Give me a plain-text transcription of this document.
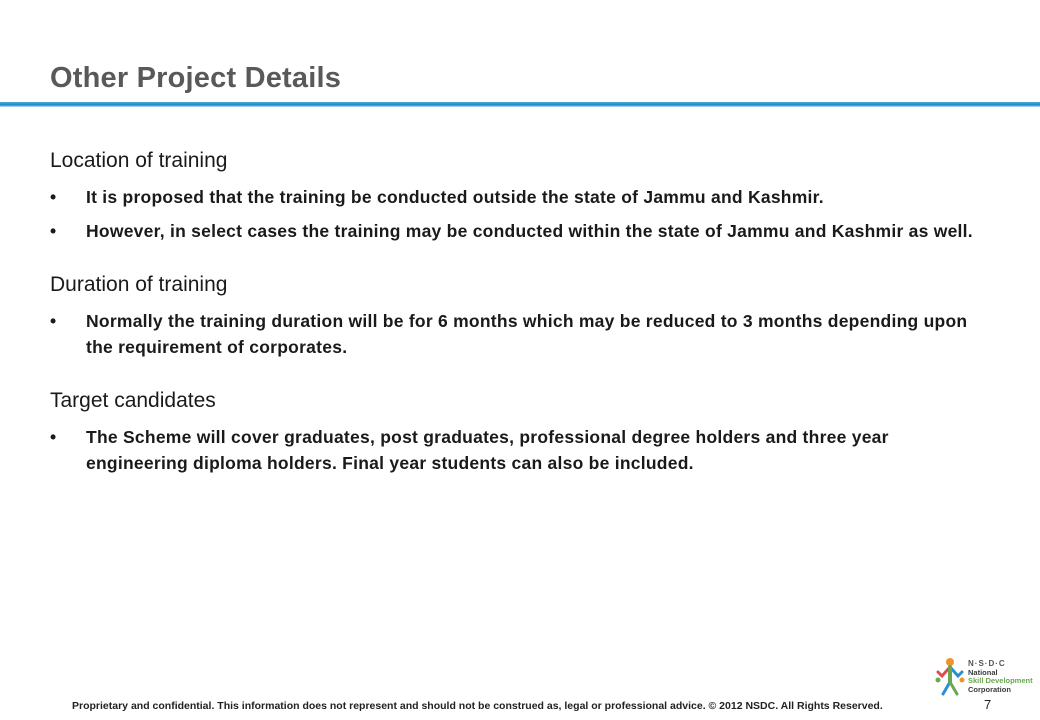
Other Project Details
Location of training
• It is proposed that the training be conducted outside the state of Jammu and Kashmir.
• However, in select cases the training may be conducted within the state of Jammu and Kashmir as well.
Duration of training
• Normally the training duration will be for 6 months which may be reduced to 3 months depending upon the requirement of corporates.
Target candidates
• The Scheme will cover graduates, post graduates, professional degree holders and three year engineering diploma holders. Final year students can also be included.
N·S·D·C
National
Skill Development
Corporation
Proprietary and confidential. This information does not represent and should not be construed as, legal or professional advice. © 2012 NSDC. All Rights Reserved.	7
